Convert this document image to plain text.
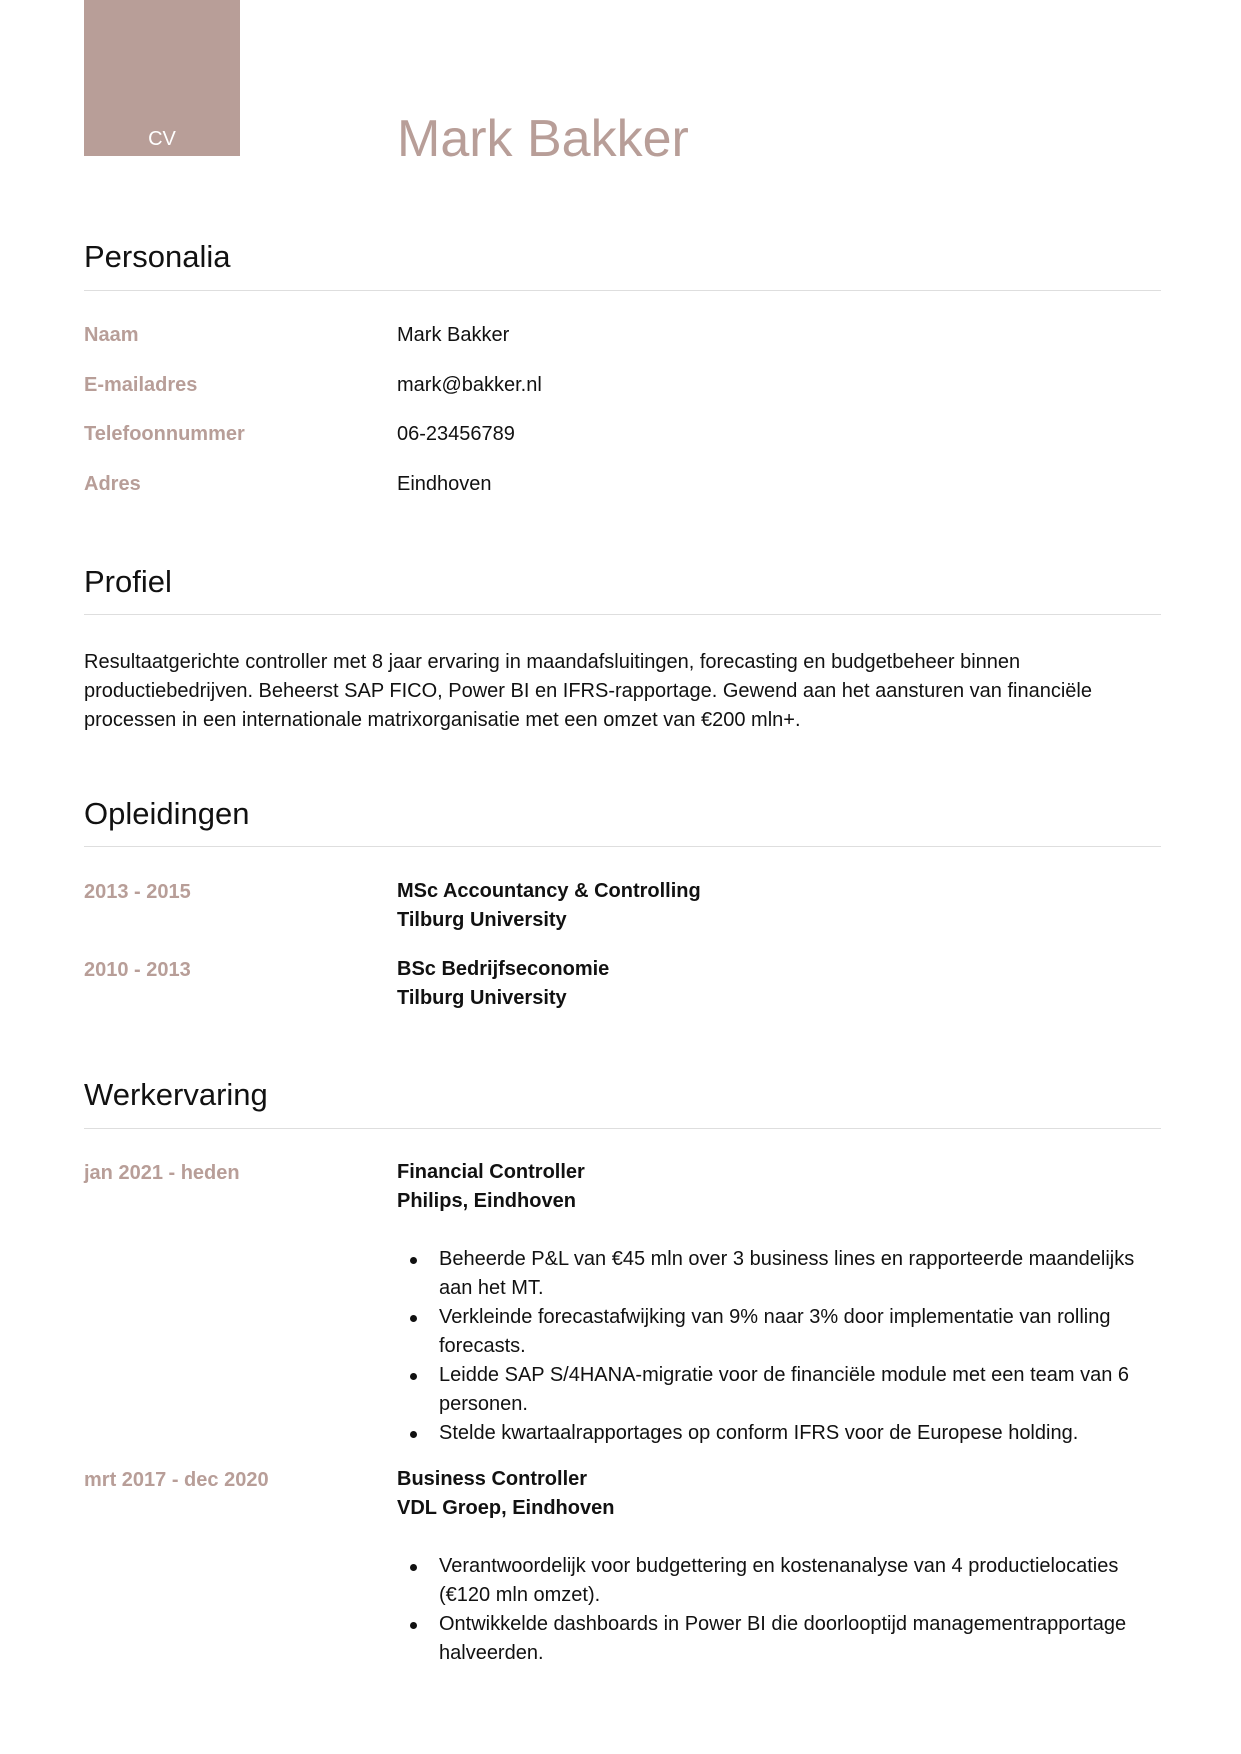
CV	Mark Bakker
Personalia
Naam	Mark Bakker
E-mailadres	mark@bakker.nl
Telefoonnummer	06-23456789
Adres	Eindhoven
Profiel

Resultaatgerichte controller met 8 jaar ervaring in maandafsluitingen, forecasting en budgetbeheer binnen productiebedrijven. Beheerst SAP FICO, Power BI en IFRS-rapportage. Gewend aan het aansturen van financiële processen in een internationale matrixorganisatie met een omzet van €200 mln+.

Opleidingen
2013 - 2015	MSc Accountancy & Controlling
Tilburg University
2010 - 2013	BSc Bedrijfseconomie
Tilburg University
Werkervaring
jan 2021 - heden	Financial Controller
Philips, Eindhoven
Beheerde P&L van €45 mln over 3 business lines en rapporteerde maandelijks aan het MT.
Verkleinde forecastafwijking van 9% naar 3% door implementatie van rolling forecasts.
Leidde SAP S/4HANA-migratie voor de financiële module met een team van 6 personen.
Stelde kwartaalrapportages op conform IFRS voor de Europese holding.
mrt 2017 - dec 2020	Business Controller
VDL Groep, Eindhoven
Verantwoordelijk voor budgettering en kostenanalyse van 4 productielocaties (€120 mln omzet).
Ontwikkelde dashboards in Power BI die doorlooptijd managementrapportage halveerden.
